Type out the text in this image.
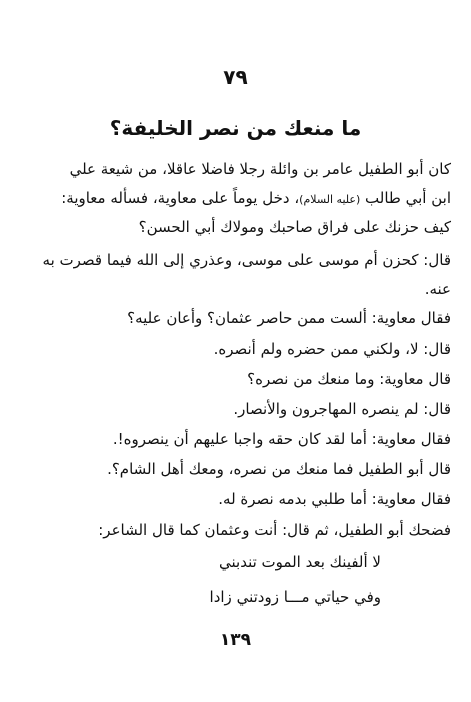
٧٩
ما منعك من نصر الخليفة؟
كان أبو الطفيل عامر بن وائلة رجلا فاضلا عاقلا، من شيعة علي
ابن أبي طالب (عليه السلام)، دخل يوماً على معاوية، فسأله معاوية:
كيف حزنك على فراق صاحبك ومولاك أبي الحسن؟
قال: كحزن أم موسى على موسى، وعذري إلى الله فيما قصرت به
عنه.
فقال معاوية: ألست ممن حاصر عثمان؟ وأعان عليه؟
قال: لا، ولكني ممن حضره ولم أنصره.
قال معاوية: وما منعك من نصره؟
قال: لم ينصره المهاجرون والأنصار.
فقال معاوية: أما لقد كان حقه واجبا عليهم أن ينصروه!.
قال أبو الطفيل فما منعك من نصره، ومعك أهل الشام؟.
فقال معاوية: أما طلبي بدمه نصرة له.
فضحك أبو الطفيل، ثم قال: أنت وعثمان كما قال الشاعر:
لا ألفينك بعد الموت تندبني
وفي حياتي مـــا زودتني زادا
١٣٩
